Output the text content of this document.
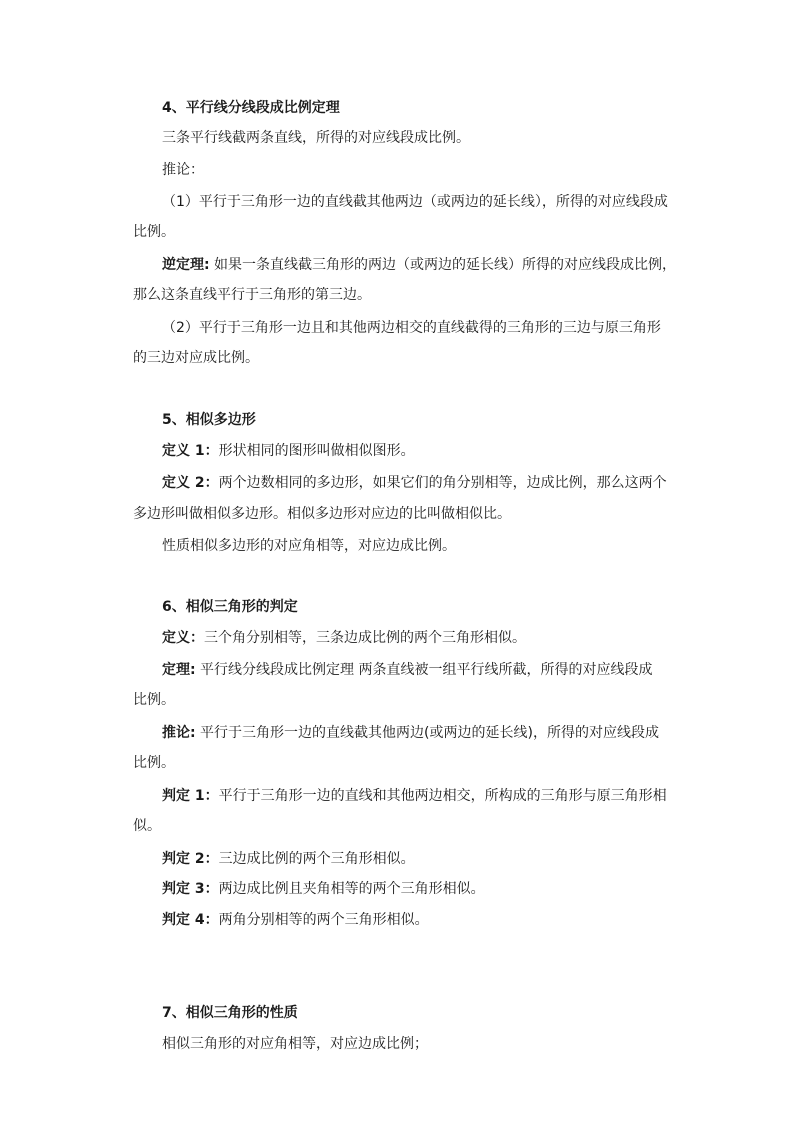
4、平行线分线段成比例定理
三条平行线截两条直线，所得的对应线段成比例。
推论：
（1）平行于三角形一边的直线截其他两边（或两边的延长线），所得的对应线段成
比例。
逆定理: 如果一条直线截三角形的两边（或两边的延长线）所得的对应线段成比例，
那么这条直线平行于三角形的第三边。
（2）平行于三角形一边且和其他两边相交的直线截得的三角形的三边与原三角形
的三边对应成比例。
5、相似多边形
定义 1：形状相同的图形叫做相似图形。
定义 2：两个边数相同的多边形，如果它们的角分别相等，边成比例，那么这两个
多边形叫做相似多边形。相似多边形对应边的比叫做相似比。
性质相似多边形的对应角相等，对应边成比例。
6、相似三角形的判定
定义：三个角分别相等，三条边成比例的两个三角形相似。
定理: 平行线分线段成比例定理 两条直线被一组平行线所截，所得的对应线段成
比例。
推论: 平行于三角形一边的直线截其他两边(或两边的延长线)，所得的对应线段成
比例。
判定 1：平行于三角形一边的直线和其他两边相交，所构成的三角形与原三角形相
似。
判定 2：三边成比例的两个三角形相似。
判定 3：两边成比例且夹角相等的两个三角形相似。
判定 4：两角分别相等的两个三角形相似。
7、相似三角形的性质
相似三角形的对应角相等，对应边成比例；
